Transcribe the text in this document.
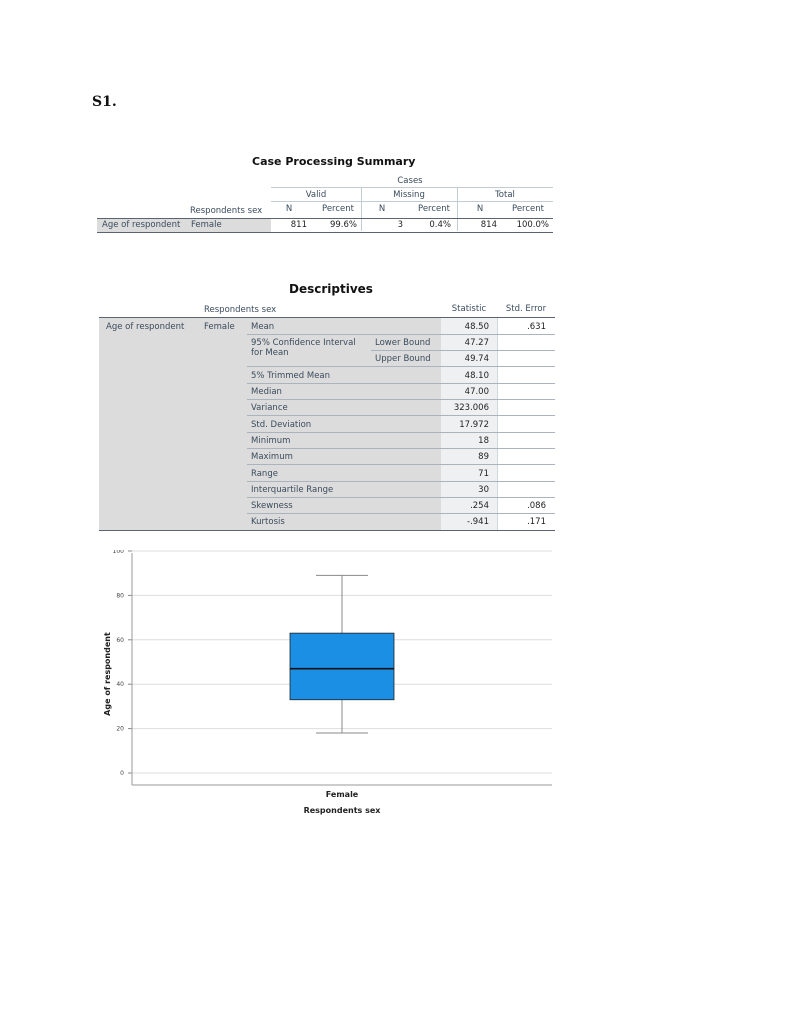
S1.
Case Processing Summary
Cases
Valid	Missing	Total
Respondents sex	N	Percent	N	Percent	N	Percent
Age of respondent Female	811	99.6%	3	0.4%	814	100.0%
Descriptives
Respondents sex	Statistic	Std. Error
Age of respondent Female Mean	48.50	.631
95% Confidence Interval for Mean
Lower Bound	47.27
Upper Bound	49.74
5% Trimmed Mean	48.10
Median	47.00
Variance	323.006
Std. Deviation	17.972
Minimum	18
Maximum	89
Range	71
Interquartile Range	30
Skewness	.254	.086
Kurtosis	-.941	.171
0
20
40
60
80
100
Female
Respondents sex
Age of respondent
